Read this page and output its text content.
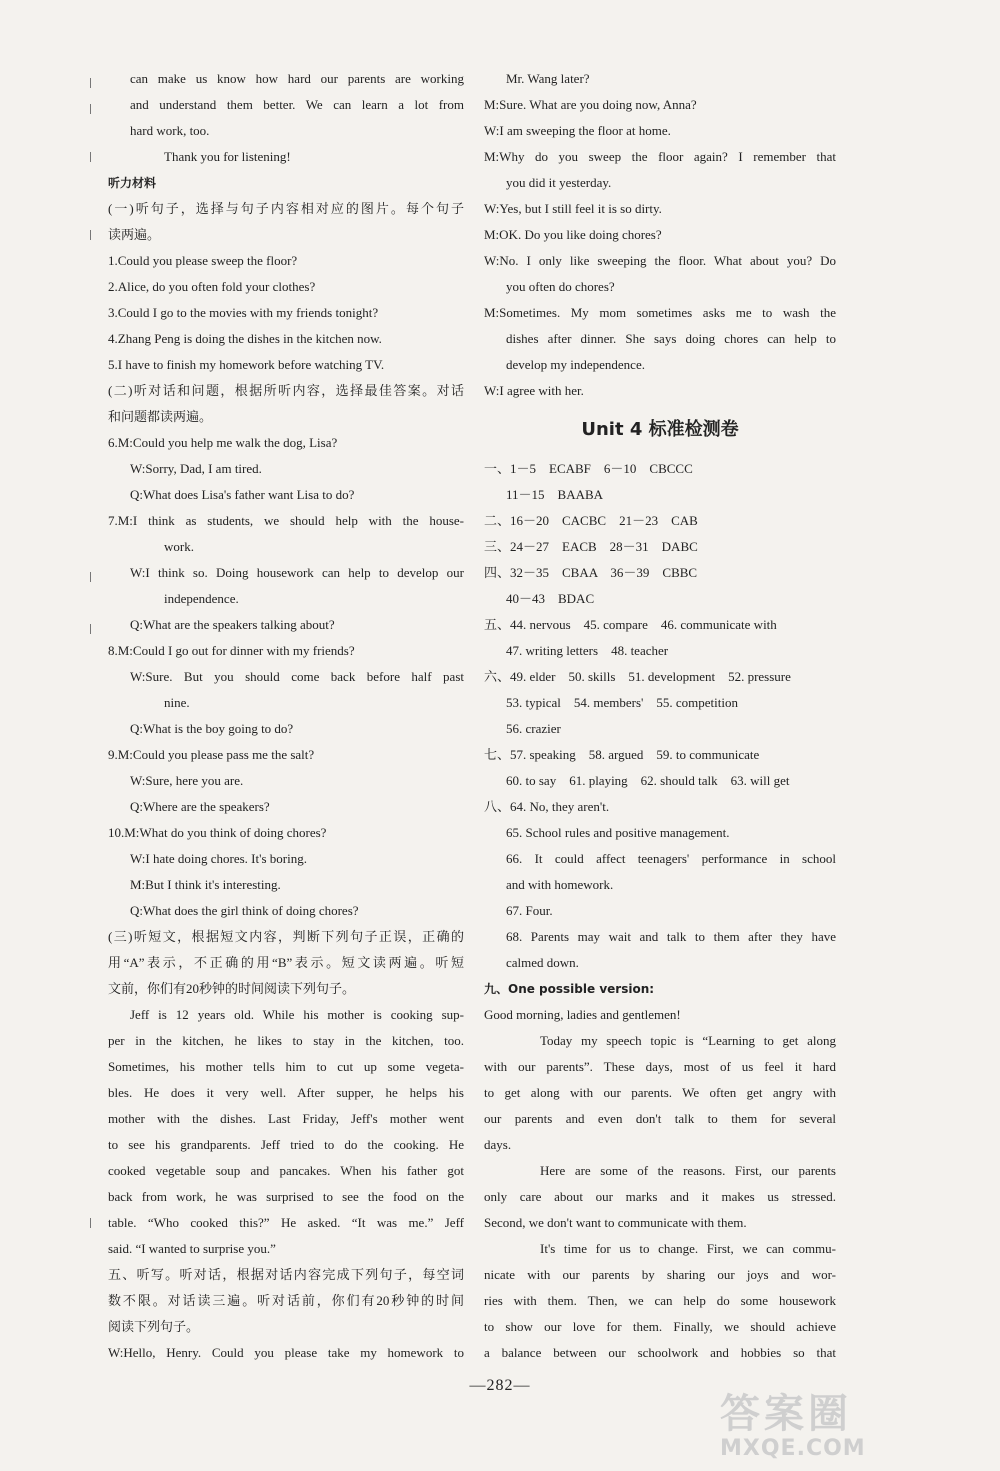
can make us know how hard our parents are working
and understand them better. We can learn a lot from
hard work, too.
Thank you for listening!
听力材料
(一)听句子，选择与句子内容相对应的图片。每个句子
读两遍。
1.Could you please sweep the floor?
2.Alice, do you often fold your clothes?
3.Could I go to the movies with my friends tonight?
4.Zhang Peng is doing the dishes in the kitchen now.
5.I have to finish my homework before watching TV.
(二)听对话和问题，根据所听内容，选择最佳答案。对话
和问题都读两遍。
6.M:Could you help me walk the dog, Lisa?
W:Sorry, Dad, I am tired.
Q:What does Lisa's father want Lisa to do?
7.M:I think as students, we should help with the house-
work.
W:I think so. Doing housework can help to develop our
independence.
Q:What are the speakers talking about?
8.M:Could I go out for dinner with my friends?
W:Sure. But you should come back before half past
nine.
Q:What is the boy going to do?
9.M:Could you please pass me the salt?
W:Sure, here you are.
Q:Where are the speakers?
10.M:What do you think of doing chores?
W:I hate doing chores. It's boring.
M:But I think it's interesting.
Q:What does the girl think of doing chores?
(三)听短文，根据短文内容，判断下列句子正误，正确的
用“A”表示，不正确的用“B”表示。短文读两遍。听短
文前，你们有20秒钟的时间阅读下列句子。
Jeff is 12 years old. While his mother is cooking sup-
per in the kitchen, he likes to stay in the kitchen, too.
Sometimes, his mother tells him to cut up some vegeta-
bles. He does it very well. After supper, he helps his
mother with the dishes. Last Friday, Jeff's mother went
to see his grandparents. Jeff tried to do the cooking. He
cooked vegetable soup and pancakes. When his father got
back from work, he was surprised to see the food on the
table. “Who cooked this?” He asked. “It was me.” Jeff
said. “I wanted to surprise you.”
五、听写。听对话，根据对话内容完成下列句子，每空词
数不限。对话读三遍。听对话前，你们有20秒钟的时间
阅读下列句子。
W:Hello, Henry. Could you please take my homework to
Mr. Wang later?
M:Sure. What are you doing now, Anna?
W:I am sweeping the floor at home.
M:Why do you sweep the floor again? I remember that
you did it yesterday.
W:Yes, but I still feel it is so dirty.
M:OK. Do you like doing chores?
W:No. I only like sweeping the floor. What about you? Do
you often do chores?
M:Sometimes. My mom sometimes asks me to wash the
dishes after dinner. She says doing chores can help to
develop my independence.
W:I agree with her.
Unit 4 标准检测卷
一、1－5　ECABF　6－10　CBCCC
11－15　BAABA
二、16－20　CACBC　21－23　CAB
三、24－27　EACB　28－31　DABC
四、32－35　CBAA　36－39　CBBC
40－43　BDAC
五、44. nervous　45. compare　46. communicate with
47. writing letters　48. teacher
六、49. elder　50. skills　51. development　52. pressure
53. typical　54. members'　55. competition
56. crazier
七、57. speaking　58. argued　59. to communicate
60. to say　61. playing　62. should talk　63. will get
八、64. No, they aren't.
65. School rules and positive management.
66. It could affect teenagers' performance in school
and with homework.
67. Four.
68. Parents may wait and talk to them after they have
calmed down.
九、One possible version:
Good morning, ladies and gentlemen!
Today my speech topic is “Learning to get along
with our parents”. These days, most of us feel it hard
to get along with our parents. We often get angry with
our parents and even don't talk to them for several
days.
Here are some of the reasons. First, our parents
only care about our marks and it makes us stressed.
Second, we don't want to communicate with them.
It's time for us to change. First, we can commu-
nicate with our parents by sharing our joys and wor-
ries with them. Then, we can help do some housework
to show our love for them. Finally, we should achieve
a balance between our schoolwork and hobbies so that
—282—
答案圈
MXQE.COM
